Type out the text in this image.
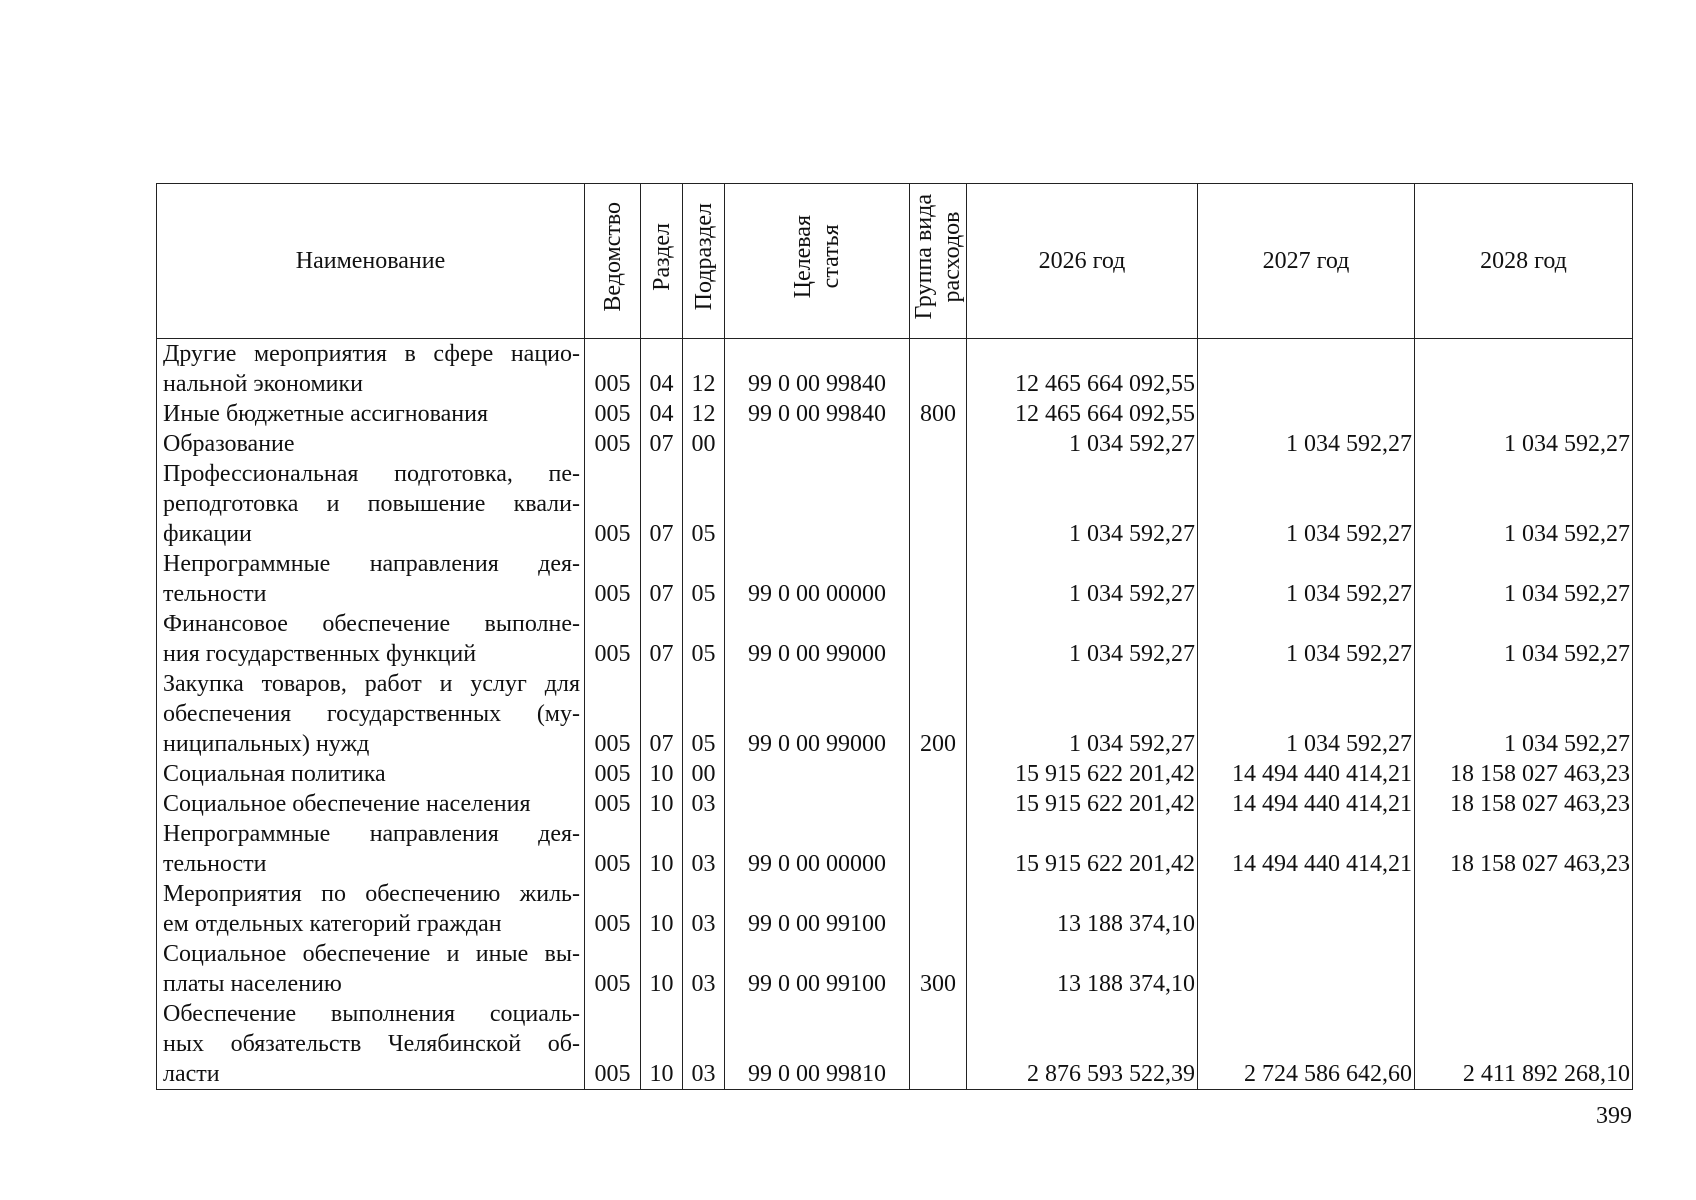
Наименование	Ведомство	Раздел	Подраздел	Целевая
статья	Группа вида
расходов	2026 год	2027 год	2028 год

Другие мероприятия в сфере нацио-
нальной экономики	005	04	12	99 0 00 99840		12 465 664 092,55		

Иные бюджетные ассигнования	005	04	12	99 0 00 99840	800	12 465 664 092,55		

Образование	005	07	00			1 034 592,27	1 034 592,27	1 034 592,27

Профессиональная подготовка, пе-
реподготовка и повышение квали-
фикации	005	07	05			1 034 592,27	1 034 592,27	1 034 592,27

Непрограммные направления дея-
тельности	005	07	05	99 0 00 00000		1 034 592,27	1 034 592,27	1 034 592,27

Финансовое обеспечение выполне-
ния государственных функций	005	07	05	99 0 00 99000		1 034 592,27	1 034 592,27	1 034 592,27

Закупка товаров, работ и услуг для
обеспечения государственных (му-
ниципальных) нужд	005	07	05	99 0 00 99000	200	1 034 592,27	1 034 592,27	1 034 592,27

Социальная политика	005	10	00			15 915 622 201,42	14 494 440 414,21	18 158 027 463,23

Социальное обеспечение населения	005	10	03			15 915 622 201,42	14 494 440 414,21	18 158 027 463,23

Непрограммные направления дея-
тельности	005	10	03	99 0 00 00000		15 915 622 201,42	14 494 440 414,21	18 158 027 463,23

Мероприятия по обеспечению жиль-
ем отдельных категорий граждан	005	10	03	99 0 00 99100		13 188 374,10		

Социальное обеспечение и иные вы-
платы населению	005	10	03	99 0 00 99100	300	13 188 374,10		

Обеспечение выполнения социаль-
ных обязательств Челябинской об-
ласти	005	10	03	99 0 00 99810		2 876 593 522,39	2 724 586 642,60	2 411 892 268,10
399
